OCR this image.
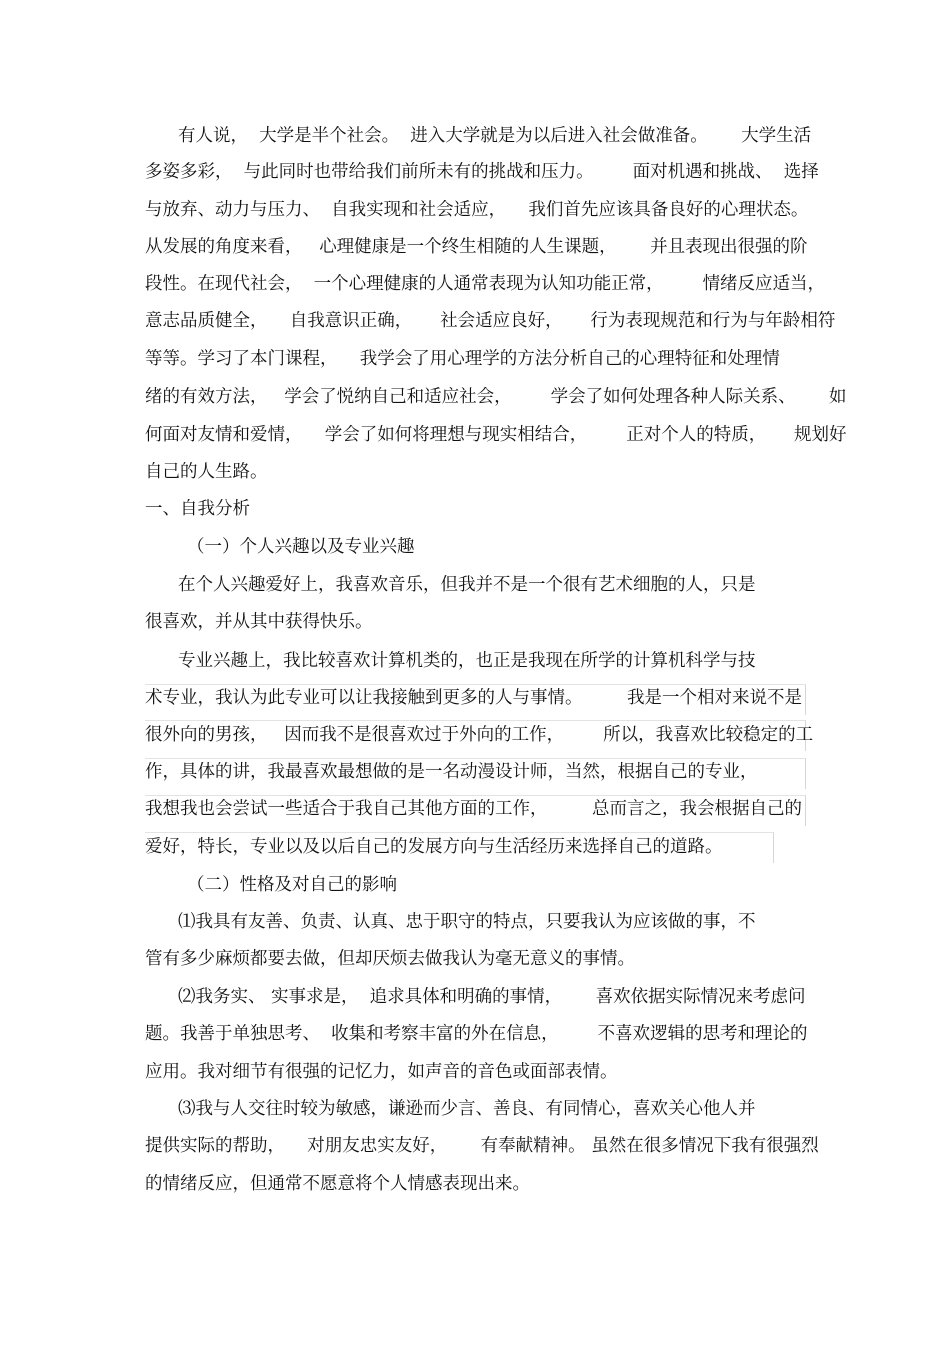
有人说，  大学是半个社会。  进入大学就是为以后进入社会做准备。      大学生活
多姿多彩，  与此同时也带给我们前所未有的挑战和压力。       面对机遇和挑战、  选择
与放弃、动力与压力、  自我实现和社会适应，    我们首先应该具备良好的心理状态。
从发展的角度来看，   心理健康是一个终生相随的人生课题，      并且表现出很强的阶
段性。在现代社会，  一个心理健康的人通常表现为认知功能正常，       情绪反应适当，
意志品质健全，    自我意识正确，     社会适应良好，     行为表现规范和行为与年龄相符
等等。学习了本门课程，    我学会了用心理学的方法分析自己的心理特征和处理情
绪的有效方法，   学会了悦纳自己和适应社会，       学会了如何处理各种人际关系、      如
何面对友情和爱情，    学会了如何将理想与现实相结合，       正对个人的特质，     规划好
自己的人生路。
一、自我分析
（一）个人兴趣以及专业兴趣
在个人兴趣爱好上，我喜欢音乐，但我并不是一个很有艺术细胞的人，只是
很喜欢，并从其中获得快乐。
专业兴趣上，我比较喜欢计算机类的，也正是我现在所学的计算机科学与技
术专业，我认为此专业可以让我接触到更多的人与事情。        我是一个相对来说不是
很外向的男孩，   因而我不是很喜欢过于外向的工作，       所以，我喜欢比较稳定的工
作，具体的讲，我最喜欢最想做的是一名动漫设计师，当然，根据自己的专业，
我想我也会尝试一些适合于我自己其他方面的工作，        总而言之，我会根据自己的
爱好，特长，专业以及以后自己的发展方向与生活经历来选择自己的道路。
（二）性格及对自己的影响
⑴我具有友善、负责、认真、忠于职守的特点，只要我认为应该做的事，不
管有多少麻烦都要去做，但却厌烦去做我认为毫无意义的事情。
⑵我务实、 实事求是，  追求具体和明确的事情，      喜欢依据实际情况来考虑问
题。我善于单独思考、  收集和考察丰富的外在信息，       不喜欢逻辑的思考和理论的
应用。我对细节有很强的记忆力，如声音的音色或面部表情。
⑶我与人交往时较为敏感，谦逊而少言、善良、有同情心，喜欢关心他人并
提供实际的帮助，    对朋友忠实友好，      有奉献精神。 虽然在很多情况下我有很强烈
的情绪反应，但通常不愿意将个人情感表现出来。
